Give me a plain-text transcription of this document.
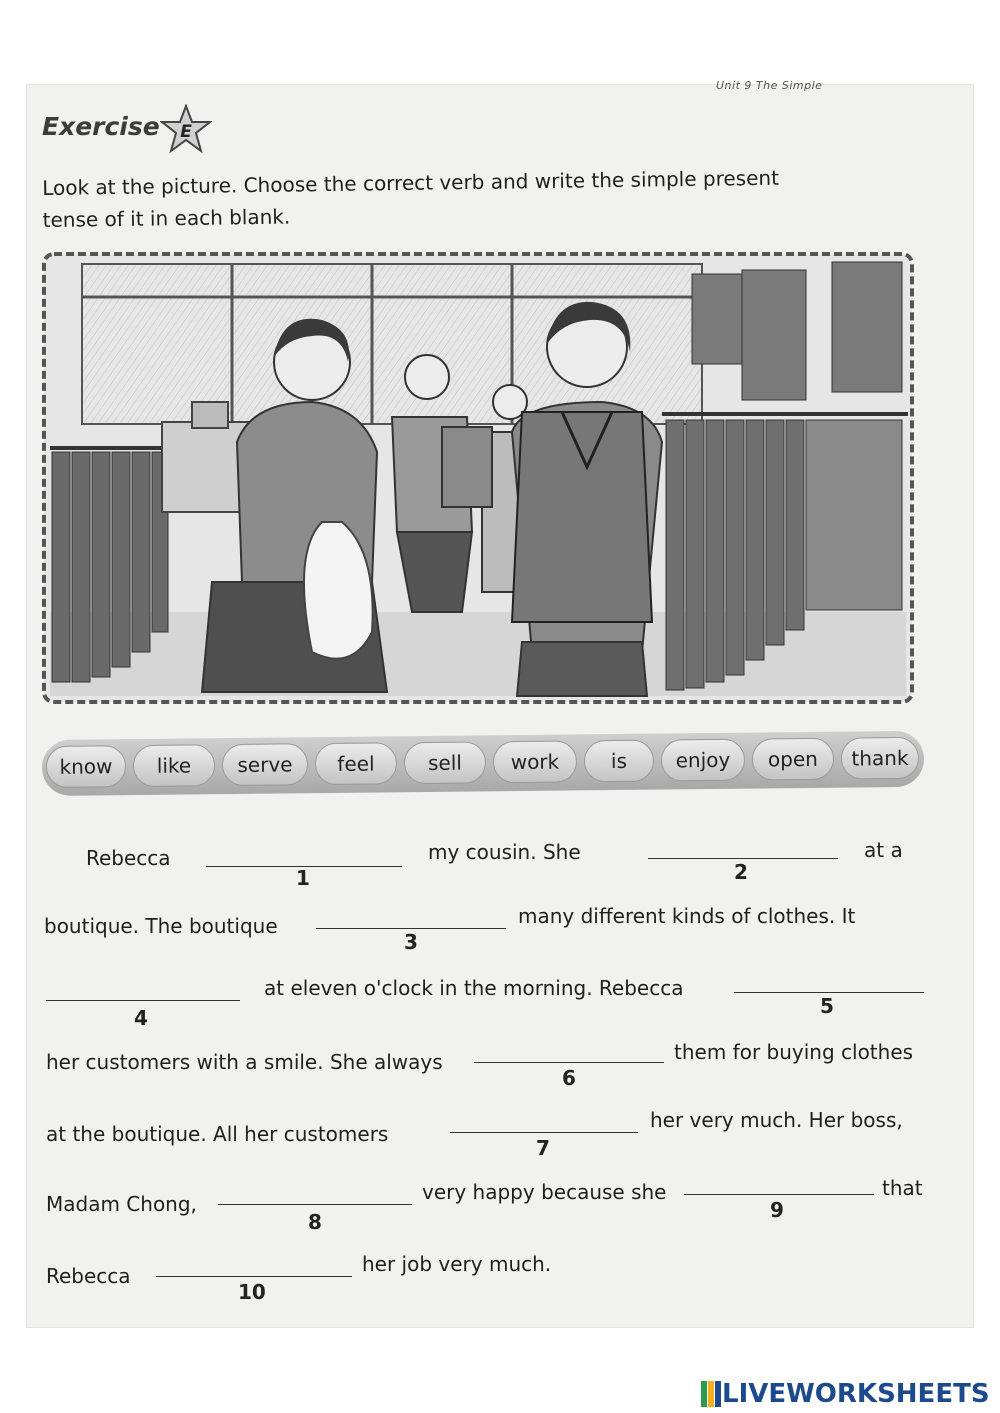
Unit 9 The Simple
Exercise E
Look at the picture. Choose the correct verb and write the simple present
tense of it in each blank.
know	like	serve	feel	sell	work	is	enjoy	open	thank
Rebecca
1
my cousin. She
2
at a
boutique. The boutique
3
many different kinds of clothes. It
4
at eleven o'clock in the morning. Rebecca
5
her customers with a smile. She always
6
them for buying clothes
at the boutique. All her customers
7
her very much. Her boss,
Madam Chong,
8
very happy because she
9
that
Rebecca
10
her job very much.
LIVEWORKSHEETS
